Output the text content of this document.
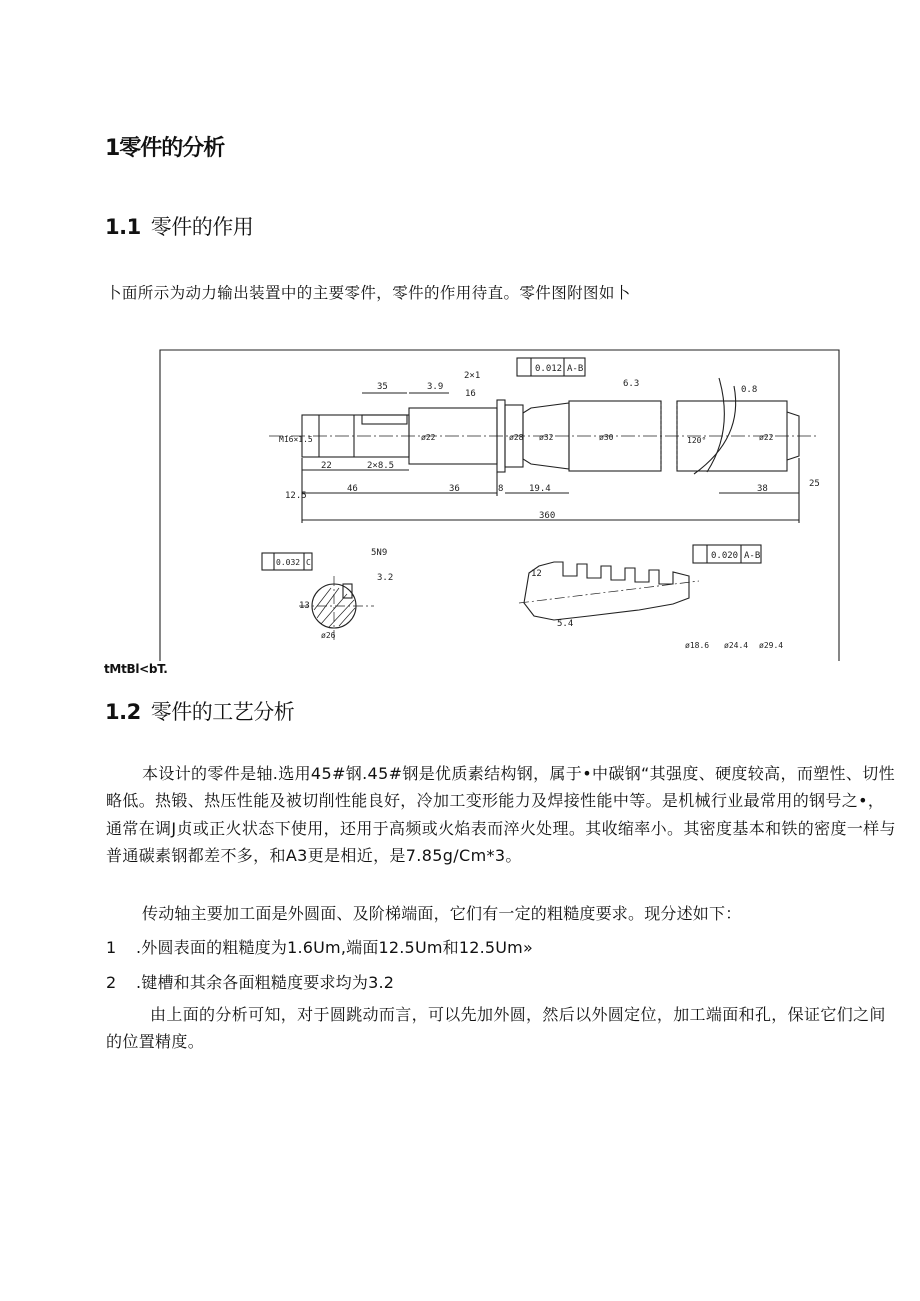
1零件的分析
1.1 零件的作用
卜面所示为动力输出装置中的主要零件，零件的作用待直。零件图附图如卜
35	3.9
2×1
22	2×8.5
46	36	8	19.4
360
38
0.012 A-B
0.020 A-B
0.032 C
16
6.3
0.8
12.5
25
3.2	12
5N9
13
5.4
M16×1.5	ø22	ø28 ø32	ø30	ø22
ø26
ø18.6 ø24.4 ø29.4
120°
tMtBl<bT.
1.2 零件的工艺分析
本设计的零件是轴.选用45#钢.45#钢是优质素结构钢，属于•中碳钢“其强度、硬度较高，而塑性、切性略低。热锻、热压性能及被切削性能良好，冷加工变形能力及焊接性能中等。是机械行业最常用的钢号之•，通常在调J贞或正火状态下使用，还用于高频或火焰表而淬火处理。其收缩率小。其密度基本和铁的密度一样与普通碳素钢都差不多，和A3更是相近，是7.85g/Cm*3。
传动轴主要加工面是外圆面、及阶梯端面，它们有一定的粗糙度要求。现分述如下：
1 .外圆表面的粗糙度为1.6Um,端面12.5Um和12.5Um»
2 .键槽和其余各面粗糙度要求均为3.2
由上面的分析可知，对于圆跳动而言，可以先加外圆，然后以外圆定位，加工端面和孔，保证它们之间的位置精度。
